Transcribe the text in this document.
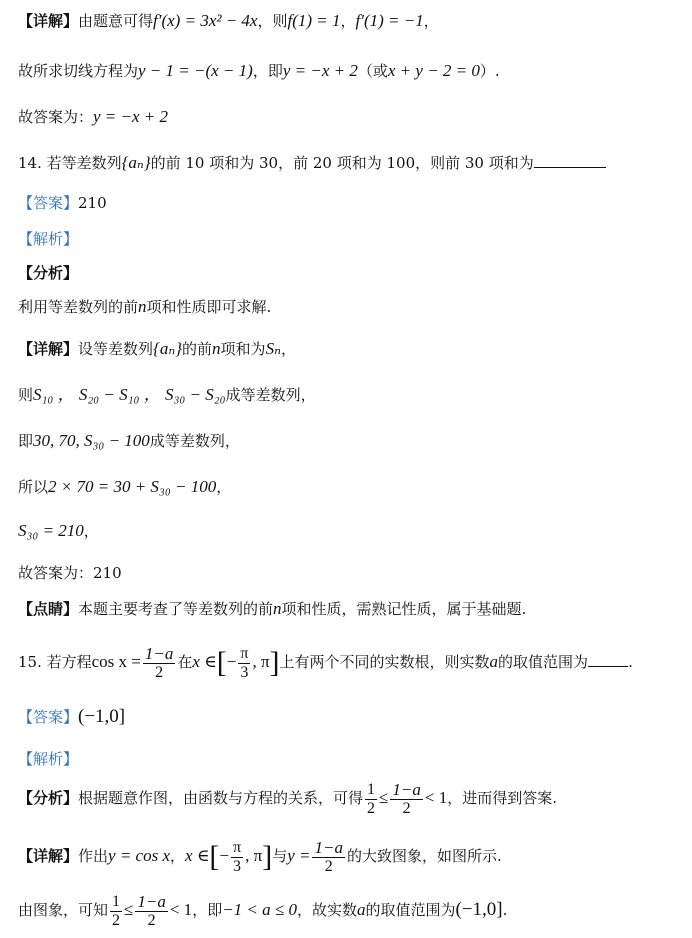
【详解】由题意可得f′(x) = 3x² − 4x，则f(1) = 1，f′(1) = −1，
故所求切线方程为y − 1 = −(x − 1)，即y = −x + 2（或x + y − 2 = 0）.
故答案为：y = −x + 2
14. 若等差数列{aₙ}的前 10 项和为 30，前 20 项和为 100，则前 30 项和为
【答案】210
【解析】
【分析】
利用等差数列的前n项和性质即可求解.
【详解】设等差数列{aₙ}的前n项和为Sₙ，
则S₁₀ ， S₂₀ − S₁₀ ， S₃₀ − S₂₀成等差数列，
即30, 70, S₃₀ − 100成等差数列，
所以2 × 70 = 30 + S₃₀ − 100，
S₃₀ = 210，
故答案为：210
【点睛】本题主要考查了等差数列的前n项和性质，需熟记性质，属于基础题.
15. 若方程$\cos x = \frac{1-a}{2}$ 在x ∈[− $\frac{\pi}{3}$ , π]上有两个不同的实数根，则实数a的取值范围为	.
【答案】(−1,0]
【解析】
【分析】根据题意作图，由函数与方程的关系，可得 $\frac{1}{2} \le \frac{1-a}{2} < 1$，进而得到答案.
【详解】作出y = cos x，x ∈[− $\frac{\pi}{3}$ , π]与$y = \frac{1-a}{2}$ 的大致图象，如图所示.
由图象，可知 $\frac{1}{2} \le \frac{1-a}{2} < 1$，即−1 < a ≤ 0，故实数a的取值范围为(−1,0].
